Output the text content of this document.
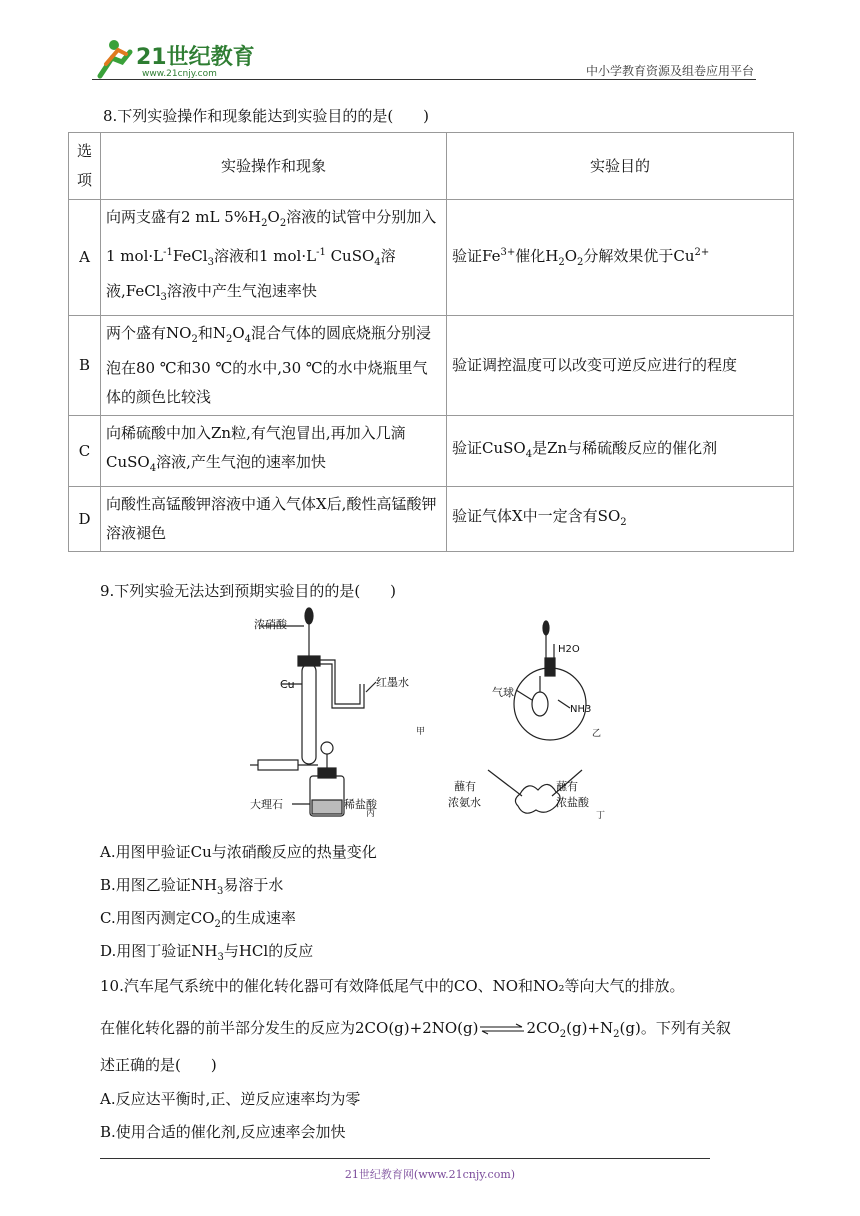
21世纪教育
www.21cnjy.com	中小学教育资源及组卷应用平台
8.下列实验操作和现象能达到实验目的的是(　　)
选项	实验操作和现象	实验目的
A	向两支盛有2 mL $5\%H_2O_2$溶液的试管中分别加入1 $mol\cdot L^{-1}FeCl_3$溶液和1 $mol\cdot L^{-1}$ CuSO$_4$溶液,FeCl$_3$溶液中产生气泡速率快	验证$Fe^{3+}$催化$H_2O_2$分解效果优于$Cu^{2+}$
B	两个盛有$NO_2$和$N_2O_4$混合气体的圆底烧瓶分别浸泡在80 ℃和30 ℃的水中,30 ℃的水中烧瓶里气体的颜色比较浅	验证调控温度可以改变可逆反应进行的程度
C	向稀硫酸中加入Zn粒,有气泡冒出,再加入几滴CuSO$_4$溶液,产生气泡的速率加快	验证CuSO$_4$是Zn与稀硫酸反应的催化剂
D	向酸性高锰酸钾溶液中通入气体X后,酸性高锰酸钾溶液褪色	验证气体X中一定含有$SO_2$
9.下列实验无法达到预期实验目的的是(　　)
浓硝酸
Cu	红墨水
甲
H2O
气球
NH3
乙
大理石	稀盐酸
丙
蘸有
浓氨水
蘸有
浓盐酸
丁
A.用图甲验证Cu与浓硝酸反应的热量变化
B.用图乙验证$NH_3$易溶于水
C.用图丙测定$CO_2$的生成速率
D.用图丁验证$NH_3$与HCl的反应
10.汽车尾气系统中的催化转化器可有效降低尾气中的CO、NO和NO₂等向大气的排放。
在催化转化器的前半部分发生的反应为$2CO(g)+2NO(g)\rightleftharpoons 2CO_2(g)+N_2(g)$。下列有关叙
述正确的是(　　)
A.反应达平衡时,正、逆反应速率均为零
B.使用合适的催化剂,反应速率会加快
21世纪教育网(www.21cnjy.com)
